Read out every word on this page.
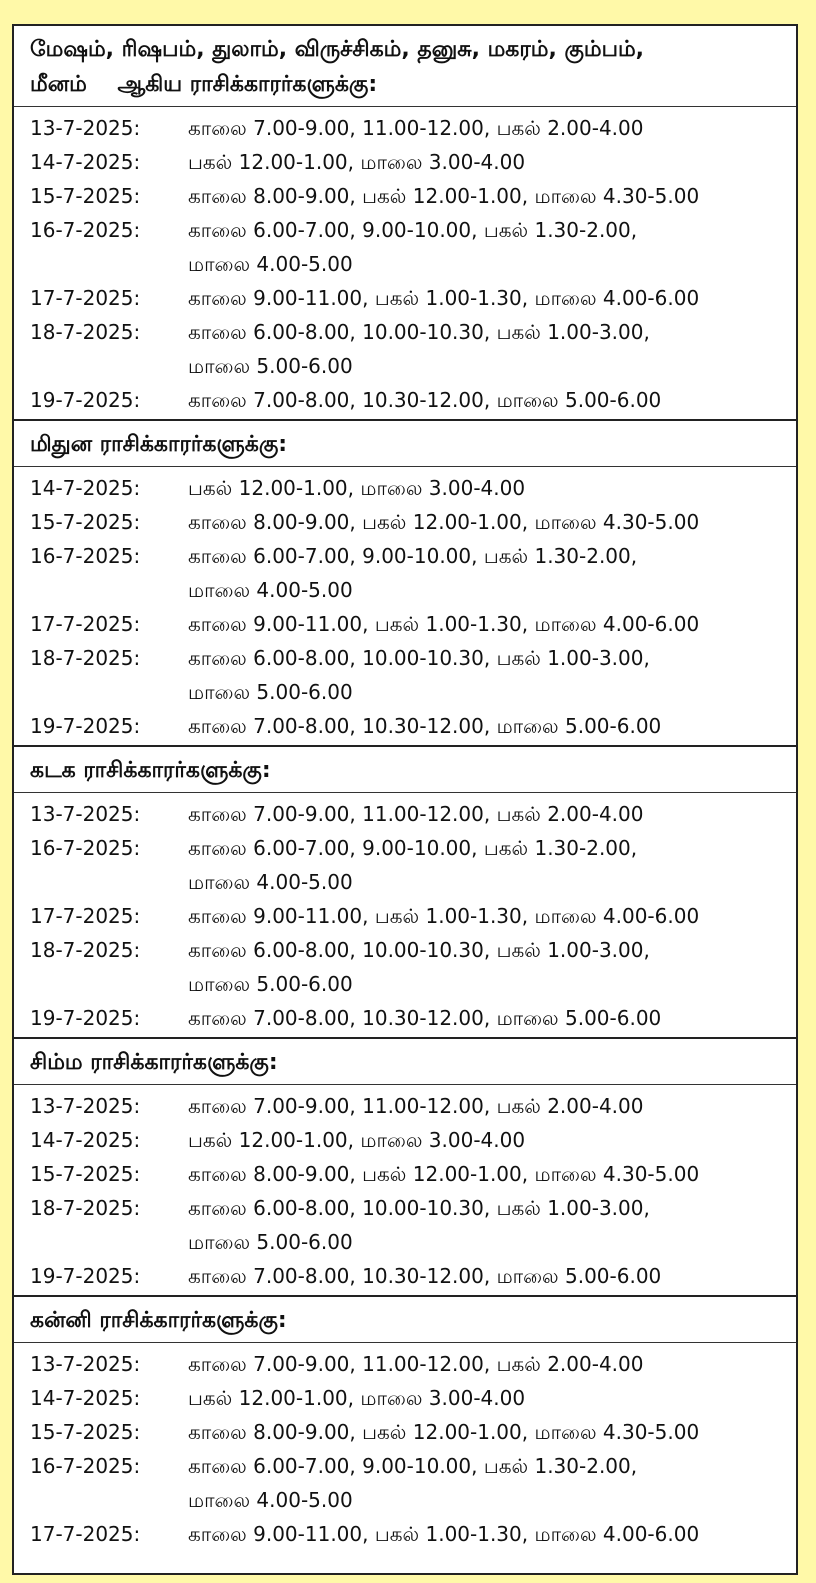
மேஷம், ரிஷபம், துலாம், விருச்சிகம், தனுசு, மகரம், கும்பம்,
மீனம்    ஆகிய ராசிக்காரர்களுக்கு:
13-7-2025:	காலை 7.00-9.00, 11.00-12.00, பகல் 2.00-4.00
14-7-2025:	பகல் 12.00-1.00, மாலை 3.00-4.00
15-7-2025:	காலை 8.00-9.00, பகல் 12.00-1.00, மாலை 4.30-5.00
16-7-2025:	காலை 6.00-7.00, 9.00-10.00, பகல் 1.30-2.00,
மாலை 4.00-5.00
17-7-2025:	காலை 9.00-11.00, பகல் 1.00-1.30, மாலை 4.00-6.00
18-7-2025:	காலை 6.00-8.00, 10.00-10.30, பகல் 1.00-3.00,
மாலை 5.00-6.00
19-7-2025:	காலை 7.00-8.00, 10.30-12.00, மாலை 5.00-6.00
மிதுன ராசிக்காரர்களுக்கு:
14-7-2025:	பகல் 12.00-1.00, மாலை 3.00-4.00
15-7-2025:	காலை 8.00-9.00, பகல் 12.00-1.00, மாலை 4.30-5.00
16-7-2025:	காலை 6.00-7.00, 9.00-10.00, பகல் 1.30-2.00,
மாலை 4.00-5.00
17-7-2025:	காலை 9.00-11.00, பகல் 1.00-1.30, மாலை 4.00-6.00
18-7-2025:	காலை 6.00-8.00, 10.00-10.30, பகல் 1.00-3.00,
மாலை 5.00-6.00
19-7-2025:	காலை 7.00-8.00, 10.30-12.00, மாலை 5.00-6.00
கடக ராசிக்காரர்களுக்கு:
13-7-2025:	காலை 7.00-9.00, 11.00-12.00, பகல் 2.00-4.00
16-7-2025:	காலை 6.00-7.00, 9.00-10.00, பகல் 1.30-2.00,
மாலை 4.00-5.00
17-7-2025:	காலை 9.00-11.00, பகல் 1.00-1.30, மாலை 4.00-6.00
18-7-2025:	காலை 6.00-8.00, 10.00-10.30, பகல் 1.00-3.00,
மாலை 5.00-6.00
19-7-2025:	காலை 7.00-8.00, 10.30-12.00, மாலை 5.00-6.00
சிம்ம ராசிக்காரர்களுக்கு:
13-7-2025:	காலை 7.00-9.00, 11.00-12.00, பகல் 2.00-4.00
14-7-2025:	பகல் 12.00-1.00, மாலை 3.00-4.00
15-7-2025:	காலை 8.00-9.00, பகல் 12.00-1.00, மாலை 4.30-5.00
18-7-2025:	காலை 6.00-8.00, 10.00-10.30, பகல் 1.00-3.00,
மாலை 5.00-6.00
19-7-2025:	காலை 7.00-8.00, 10.30-12.00, மாலை 5.00-6.00
கன்னி ராசிக்காரர்களுக்கு:
13-7-2025:	காலை 7.00-9.00, 11.00-12.00, பகல் 2.00-4.00
14-7-2025:	பகல் 12.00-1.00, மாலை 3.00-4.00
15-7-2025:	காலை 8.00-9.00, பகல் 12.00-1.00, மாலை 4.30-5.00
16-7-2025:	காலை 6.00-7.00, 9.00-10.00, பகல் 1.30-2.00,
மாலை 4.00-5.00
17-7-2025:	காலை 9.00-11.00, பகல் 1.00-1.30, மாலை 4.00-6.00
